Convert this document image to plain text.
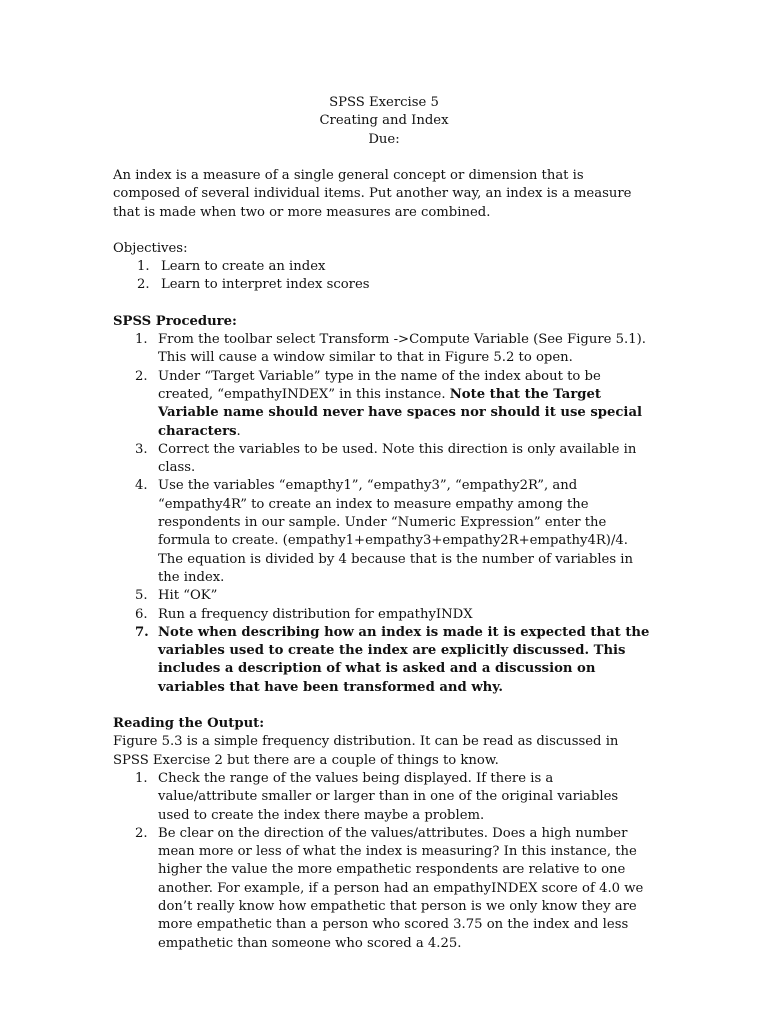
SPSS Exercise 5
Creating and Index
Due:

An index is a measure of a single general concept or dimension that is composed of several individual items. Put another way, an index is a measure that is made when two or more measures are combined.

Objectives:

1. Learn to create an index
2. Learn to interpret index scores

SPSS Procedure:

1. From the toolbar select Transform ->Compute Variable (See Figure 5.1). This will cause a window similar to that in Figure 5.2 to open.
2. Under “Target Variable” type in the name of the index about to be created, “empathyINDEX” in this instance. Note that the Target Variable name should never have spaces nor should it use special characters.
3. Correct the variables to be used. Note this direction is only available in class.
4. Use the variables “emapthy1”, “empathy3”, “empathy2R”, and “empathy4R” to create an index to measure empathy among the respondents in our sample. Under “Numeric Expression” enter the formula to create. (empathy1+empathy3+empathy2R+empathy4R)/4. The equation is divided by 4 because that is the number of variables in the index.
5. Hit “OK”
6. Run a frequency distribution for empathyINDX
7. Note when describing how an index is made it is expected that the variables used to create the index are explicitly discussed. This includes a description of what is asked and a discussion on variables that have been transformed and why.

Reading the Output:

Figure 5.3 is a simple frequency distribution. It can be read as discussed in SPSS Exercise 2 but there are a couple of things to know.

1. Check the range of the values being displayed. If there is a value/attribute smaller or larger than in one of the original variables used to create the index there maybe a problem.
2. Be clear on the direction of the values/attributes. Does a high number mean more or less of what the index is measuring? In this instance, the higher the value the more empathetic respondents are relative to one another. For example, if a person had an empathyINDEX score of 4.0 we don’t really know how empathetic that person is we only know they are more empathetic than a person who scored 3.75 on the index and less empathetic than someone who scored a 4.25.
